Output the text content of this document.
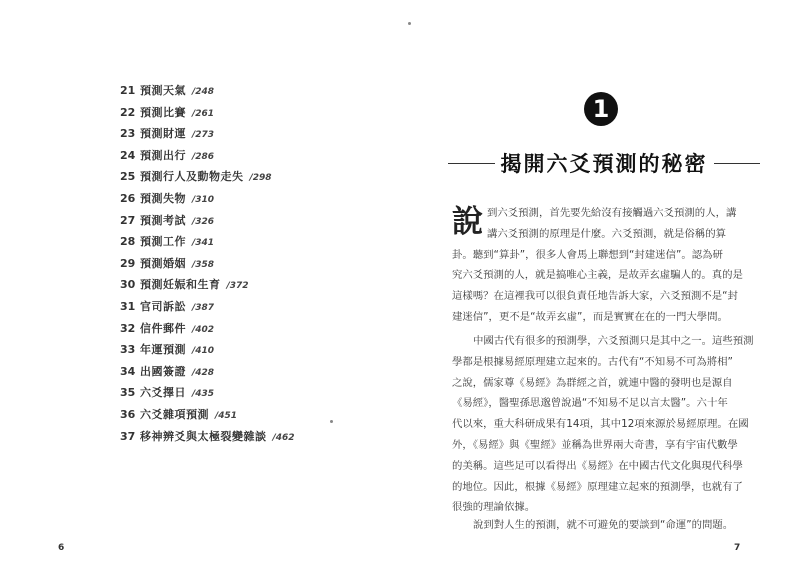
21 預測天氣 /248
22 預測比賽 /261
23 預測財運 /273
24 預測出行 /286
25 預測行人及動物走失 /298
26 預測失物 /310
27 預測考試 /326
28 預測工作 /341
29 預測婚姻 /358
30 預測妊娠和生育 /372
31 官司訴訟 /387
32 信件郵件 /402
33 年運預測 /410
34 出國簽證 /428
35 六爻擇日 /435
36 六爻雜項預測 /451
37 移神辨爻與太極裂變雜談 /462
6
1
揭開六爻預測的秘密

說 到六爻預測，首先要先給沒有接觸過六爻預測的人，講
講六爻預測的原理是什麼。六爻預測，就是俗稱的算
卦。聽到“算卦”，很多人會馬上聯想到“封建迷信”。認為研
究六爻預測的人，就是搞唯心主義，是故弄玄虛騙人的。真的是
這樣嗎？在這裡我可以很負責任地告訴大家，六爻預測不是“封
建迷信”，更不是“故弄玄虛”，而是實實在在的一門大學問。

中國古代有很多的預測學，六爻預測只是其中之一。這些預測
學都是根據易經原理建立起來的。古代有“不知易不可為將相”
之說，儒家尊《易經》為群經之首，就連中醫的發明也是源自
《易經》，醫聖孫思邈曾說過“不知易不足以言太醫”。六十年
代以來，重大科研成果有14項，其中12項來源於易經原理。在國
外，《易經》與《聖經》並稱為世界兩大奇書，享有宇宙代數學
的美稱。這些足可以看得出《易經》在中國古代文化與現代科學
的地位。因此，根據《易經》原理建立起來的預測學，也就有了
很強的理論依據。

說到對人生的預測，就不可避免的要談到“命運”的問題。

7
